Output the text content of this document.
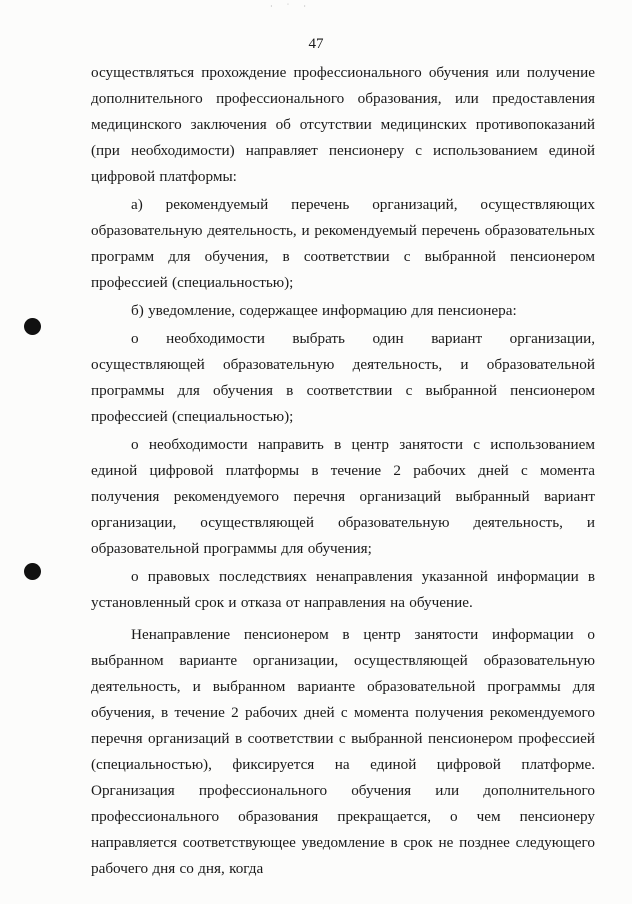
· ˙ ·
47

осуществляться прохождение профессионального обучения или получение дополнительного профессионального образования, или предоставления медицинского заключения об отсутствии медицинских противопоказаний (при необходимости) направляет пенсионеру с использованием единой цифровой платформы:

а) рекомендуемый перечень организаций, осуществляющих образовательную деятельность, и рекомендуемый перечень образовательных программ для обучения, в соответствии с выбранной пенсионером профессией (специальностью);

б) уведомление, содержащее информацию для пенсионера:

о необходимости выбрать один вариант организации, осуществляющей образовательную деятельность, и образовательной программы для обучения в соответствии с выбранной пенсионером профессией (специальностью);

о необходимости направить в центр занятости с использованием единой цифровой платформы в течение 2 рабочих дней с момента получения рекомендуемого перечня организаций выбранный вариант организации, осуществляющей образовательную деятельность, и образовательной программы для обучения;

о правовых последствиях ненаправления указанной информации в установленный срок и отказа от направления на обучение.

Ненаправление пенсионером в центр занятости информации о выбранном варианте организации, осуществляющей образовательную деятельность, и выбранном варианте образовательной программы для обучения, в течение 2 рабочих дней с момента получения рекомендуемого перечня организаций в соответствии с выбранной пенсионером профессией (специальностью), фиксируется на единой цифровой платформе. Организация профессионального обучения или дополнительного профессионального образования прекращается, о чем пенсионеру направляется соответствующее уведомление в срок не позднее следующего рабочего дня со дня, когда
